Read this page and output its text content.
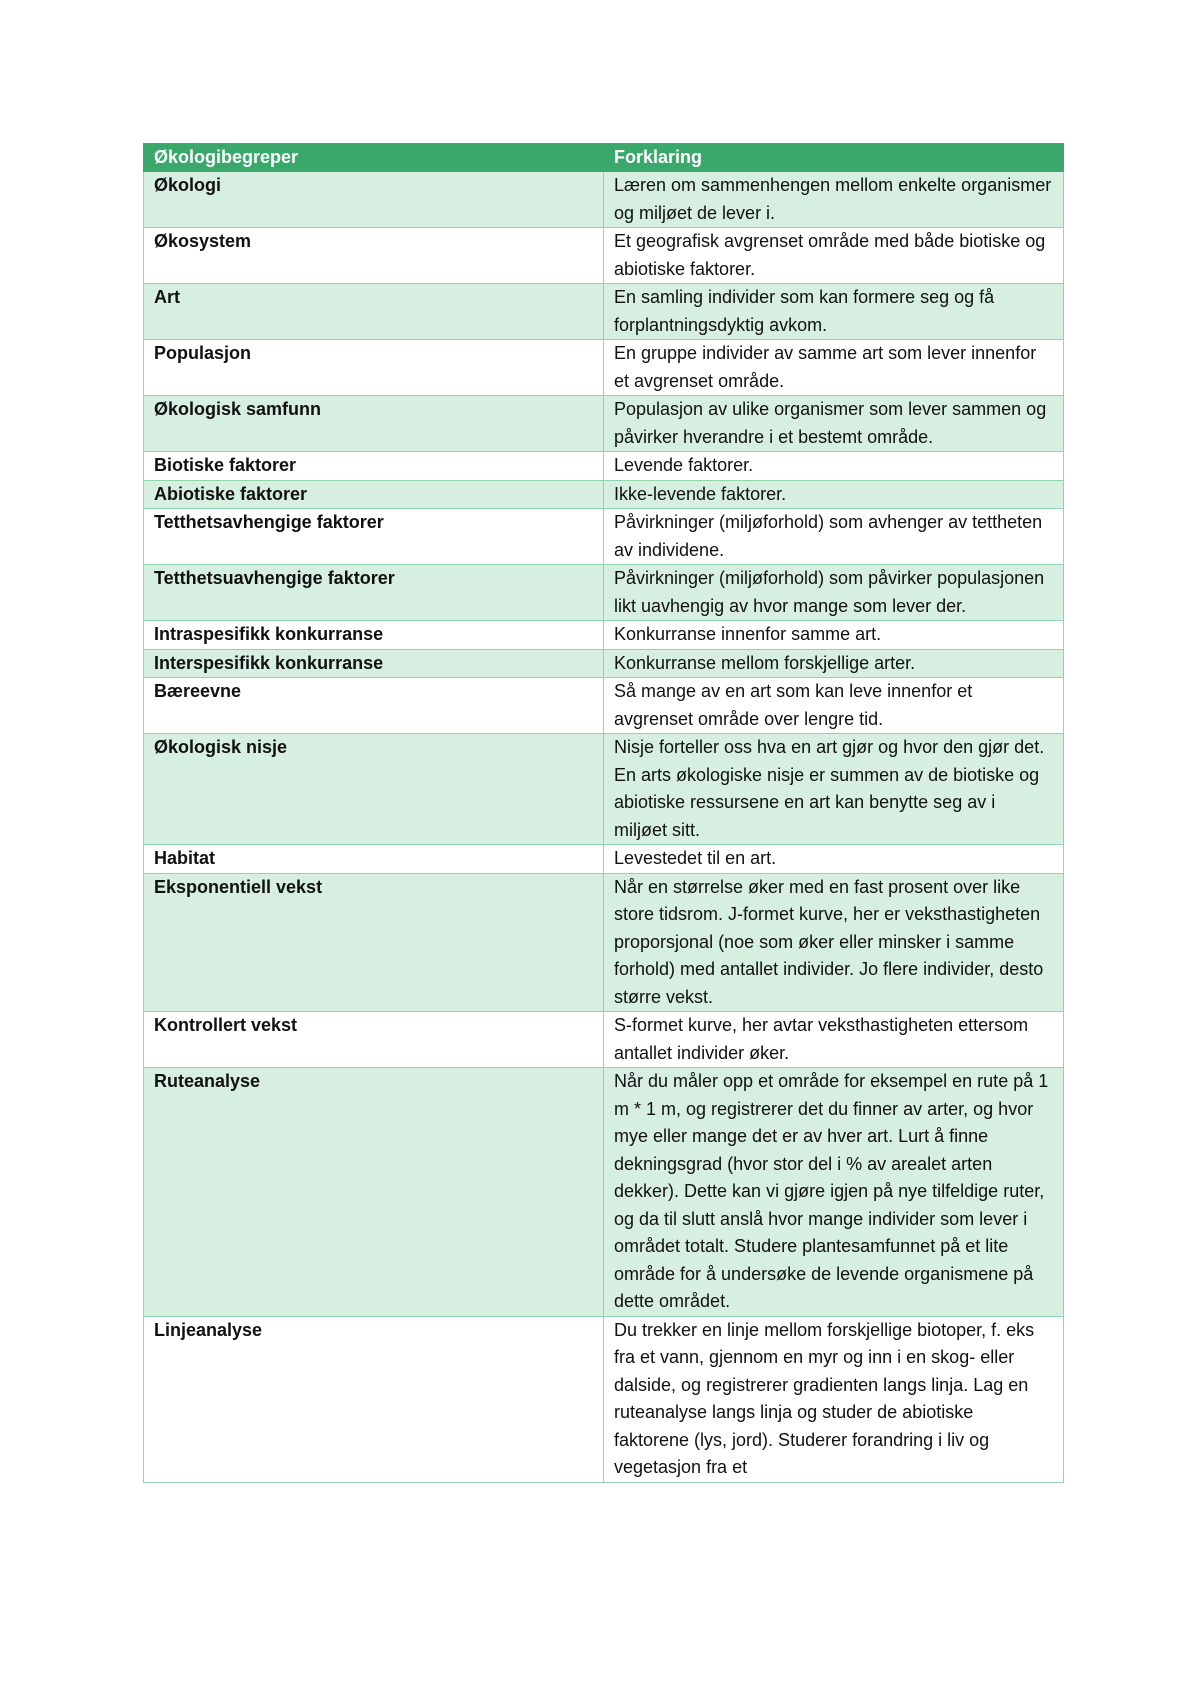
Økologibegreper	Forklaring
Økologi	Læren om sammenhengen mellom enkelte organismer og miljøet de lever i.
Økosystem	Et geografisk avgrenset område med både biotiske og abiotiske faktorer.
Art	En samling individer som kan formere seg og få forplantningsdyktig avkom.
Populasjon	En gruppe individer av samme art som lever innenfor et avgrenset område.
Økologisk samfunn	Populasjon av ulike organismer som lever sammen og påvirker hverandre i et bestemt område.
Biotiske faktorer	Levende faktorer.
Abiotiske faktorer	Ikke-levende faktorer.
Tetthetsavhengige faktorer	Påvirkninger (miljøforhold) som avhenger av tettheten av individene.
Tetthetsuavhengige faktorer	Påvirkninger (miljøforhold) som påvirker populasjonen likt uavhengig av hvor mange som lever der.
Intraspesifikk konkurranse	Konkurranse innenfor samme art.
Interspesifikk konkurranse	Konkurranse mellom forskjellige arter.
Bæreevne	Så mange av en art som kan leve innenfor et avgrenset område over lengre tid.
Økologisk nisje	Nisje forteller oss hva en art gjør og hvor den gjør det. En arts økologiske nisje er summen av de biotiske og abiotiske ressursene en art kan benytte seg av i miljøet sitt.
Habitat	Levestedet til en art.
Eksponentiell vekst	Når en størrelse øker med en fast prosent over like store tidsrom. J-formet kurve, her er veksthastigheten proporsjonal (noe som øker eller minsker i samme forhold) med antallet individer. Jo flere individer, desto større vekst.
Kontrollert vekst	S-formet kurve, her avtar veksthastigheten ettersom antallet individer øker.
Ruteanalyse	Når du måler opp et område for eksempel en rute på 1 m * 1 m, og registrerer det du finner av arter, og hvor mye eller mange det er av hver art. Lurt å finne dekningsgrad (hvor stor del i % av arealet arten dekker). Dette kan vi gjøre igjen på nye tilfeldige ruter, og da til slutt anslå hvor mange individer som lever i området totalt. Studere plantesamfunnet på et lite område for å undersøke de levende organismene på dette området.
Linjeanalyse	Du trekker en linje mellom forskjellige biotoper, f. eks fra et vann, gjennom en myr og inn i en skog- eller dalside, og registrerer gradienten langs linja. Lag en ruteanalyse langs linja og studer de abiotiske faktorene (lys, jord). Studerer forandring i liv og vegetasjon fra et
